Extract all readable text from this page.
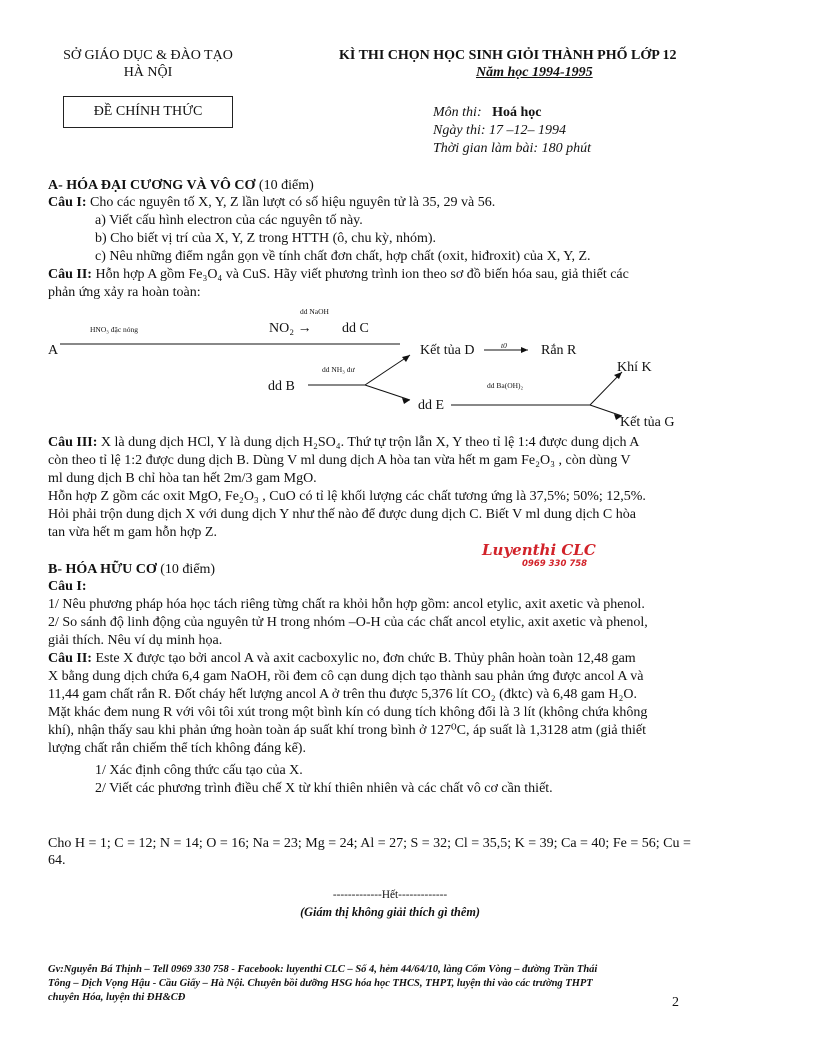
SỞ GIÁO DỤC & ĐÀO TẠO
HÀ NỘI
KÌ THI CHỌN HỌC SINH GIỎI THÀNH PHỐ LỚP 12
Năm học 1994-1995
ĐỀ CHÍNH THỨC	Môn thi: Hoá học
Ngày thi: 17 –12– 1994
Thời gian làm bài: 180 phút
A- HÓA ĐẠI CƯƠNG VÀ VÔ CƠ (10 điểm)
Câu I: Cho các nguyên tố X, Y, Z lần lượt có số hiệu nguyên tử là 35, 29 và 56.
a) Viết cấu hình electron của các nguyên tố này.
b) Cho biết vị trí của X, Y, Z trong HTTH (ô, chu kỳ, nhóm).
c) Nêu những điểm ngắn gọn về tính chất đơn chất, hợp chất (oxit, hiđroxit) của X, Y, Z.
Câu II: Hỗn hợp A gồm Fe₃O₄ và CuS. Hãy viết phương trình ion theo sơ đồ biến hóa sau, giả thiết các
phản ứng xảy ra hoàn toàn:
HNO₃ đặc nóng	NO₂ →
dd NaOH
dd C
A	Kết tủa D	t0 Rắn R
dd NH₃ dư	Khí K
dd B	dd Ba(OH)₂
dd E
Kết tủa G
Câu III: X là dung dịch HCl, Y là dung dịch H₂SO₄. Thứ tự trộn lẫn X, Y theo tỉ lệ 1:4 được dung dịch A
còn theo tỉ lệ 1:2 được dung dịch B. Dùng V ml dung dịch A hòa tan vừa hết m gam Fe₂O₃ , còn dùng V
ml dung dịch B chỉ hòa tan hết 2m/3 gam MgO.
Hỗn hợp Z gồm các oxit MgO, Fe₂O₃ , CuO có tỉ lệ khối lượng các chất tương ứng là 37,5%; 50%; 12,5%.
Hỏi phải trộn dung dịch X với dung dịch Y như thế nào để được dung dịch C. Biết V ml dung dịch C hòa
tan vừa hết m gam hỗn hợp Z.
Luyenthi CLC
0969 330 758
B- HÓA HỮU CƠ (10 điểm)
Câu I:
1/ Nêu phương pháp hóa học tách riêng từng chất ra khỏi hỗn hợp gồm: ancol etylic, axit axetic và phenol.
2/ So sánh độ linh động của nguyên tử H trong nhóm –O-H của các chất ancol etylic, axit axetic và phenol,
giải thích. Nêu ví dụ minh họa.
Câu II: Este X được tạo bởi ancol A và axit cacboxylic no, đơn chức B. Thủy phân hoàn toàn 12,48 gam
X bằng dung dịch chứa 6,4 gam NaOH, rồi đem cô cạn dung dịch tạo thành sau phản ứng được ancol A và
11,44 gam chất rắn R. Đốt cháy hết lượng ancol A ở trên thu được 5,376 lít CO₂ (đktc) và 6,48 gam H₂O.
Mặt khác đem nung R với vôi tôi xút trong một bình kín có dung tích không đổi là 3 lít (không chứa không
khí), nhận thấy sau khi phản ứng hoàn toàn áp suất khí trong bình ở 127⁰C, áp suất là 1,3128 atm (giả thiết
lượng chất rắn chiếm thể tích không đáng kể).
1/ Xác định công thức cấu tạo của X.
2/ Viết các phương trình điều chế X từ khí thiên nhiên và các chất vô cơ cần thiết.
Cho H = 1; C = 12; N = 14; O = 16; Na = 23; Mg = 24; Al = 27; S = 32; Cl = 35,5; K = 39; Ca = 40; Fe = 56; Cu =
64.
-------------Hết-------------
(Giám thị không giải thích gì thêm)
Gv:Nguyễn Bá Thịnh – Tell 0969 330 758 - Facebook: luyenthi CLC – Số 4, hẻm 44/64/10, làng Cốm Vòng – đường Trần Thái
Tông – Dịch Vọng Hậu - Cầu Giấy – Hà Nội. Chuyên bồi dưỡng HSG hóa học THCS, THPT, luyện thi vào các trường THPT
chuyên Hóa, luyện thi ĐH&CĐ	2
